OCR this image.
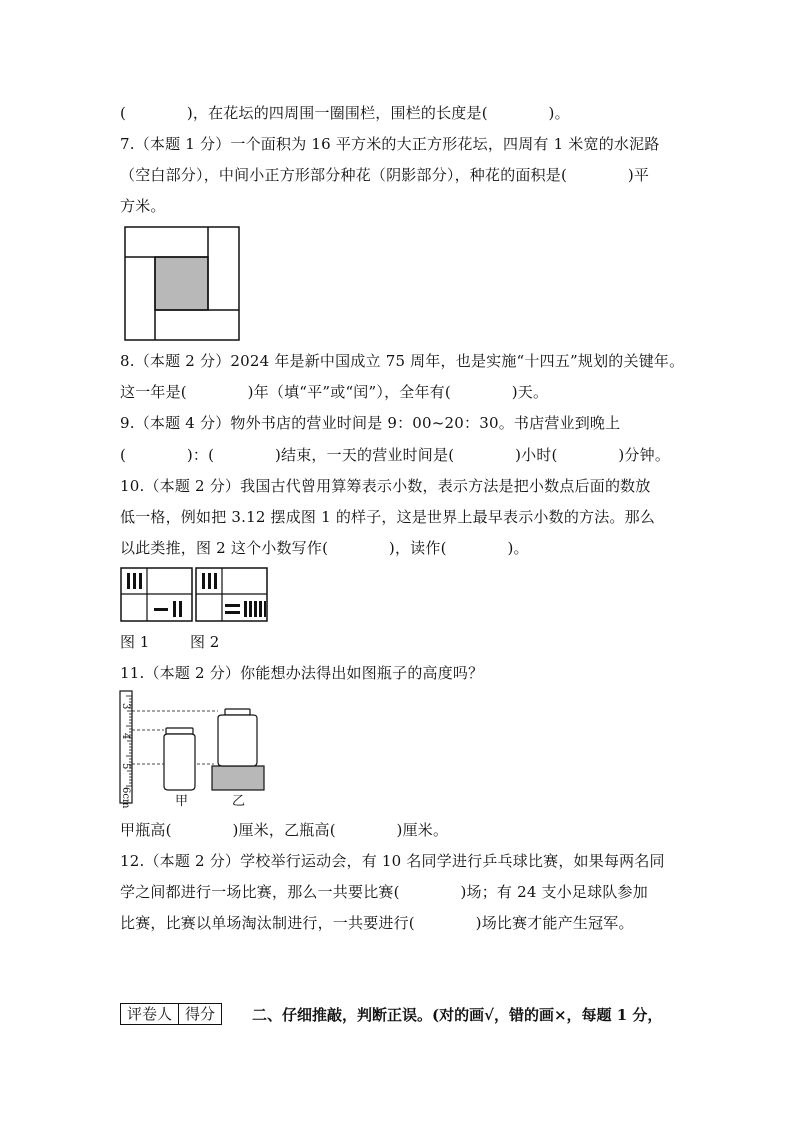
(　　　　)，在花坛的四周围一圈围栏，围栏的长度是(　　　　)。
7.（本题 1 分）一个面积为 16 平方米的大正方形花坛，四周有 1 米宽的水泥路
（空白部分），中间小正方形部分种花（阴影部分），种花的面积是(　　　　)平
方米。
8.（本题 2 分）2024 年是新中国成立 75 周年，也是实施“十四五”规划的关键年。
这一年是(　　　　)年（填“平”或“闰”），全年有(　　　　)天。
9.（本题 4 分）物外书店的营业时间是 9：00~20：30。书店营业到晚上
(　　　　)：(　　　　)结束，一天的营业时间是(　　　　)小时(　　　　)分钟。
10.（本题 2 分）我国古代曾用算筹表示小数，表示方法是把小数点后面的数放
低一格，例如把 3.12 摆成图 1 的样子，这是世界上最早表示小数的方法。那么
以此类推，图 2 这个小数写作(　　　　)，读作(　　　　)。
图 1	图 2
11.（本题 2 分）你能想办法得出如图瓶子的高度吗？
3
4
5
6cm	甲	乙
甲瓶高(　　　　)厘米，乙瓶高(　　　　)厘米。
12.（本题 2 分）学校举行运动会，有 10 名同学进行乒乓球比赛，如果每两名同
学之间都进行一场比赛，那么一共要比赛(　　　　)场；有 24 支小足球队参加
比赛，比赛以单场淘汰制进行，一共要进行(　　　　)场比赛才能产生冠军。
评卷人	得分 二、仔细推敲，判断正误。(对的画√，错的画×，每题 1 分，
